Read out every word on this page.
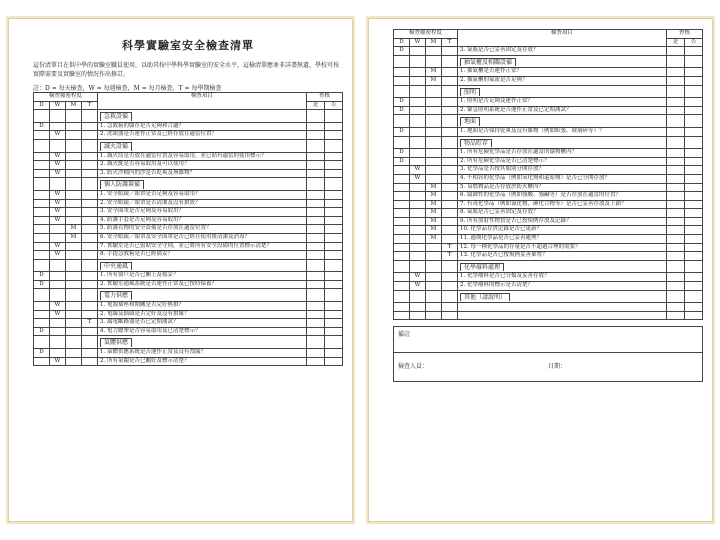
科學實驗室安全檢查清單
這份清單目在供中學的實驗室職員使用，以助其按中學科學實驗室的安全水平，這檢清單應並非詳盡無遺，學校可按實際需要及實驗室的情況作出修訂。
註：D = 每天檢查，W = 每週檢查，M = 每月檢查，T = 每學期檢查
檢查頻密程度				檢查項目	查核	
D	W	M	T		是	否
				急救設備		
D				1. 急救箱的儲存是否足夠和合適？		
	W			2. 洗眼器是否運作正常及已經存放在適當位置？		
				滅火設備		
	W			1. 滅火筒是否放在適當位置及容易取用，並已貼有適當的使用標示？		
	W			2. 滅火氈是否容易取用及可以使用？		
	W			3. 防火沙桶內的沙是否乾爽及無雜物？		
				個人防護裝備		
	W			1. 安全眼鏡／眼罩是否足夠及容易取用？		
	W			2. 安全眼鏡／眼罩是否清潔及沒有損毀？		
	W			3. 安全面罩是否足夠及容易取用？		
	W			4. 防護手套是否足夠及容易取用？		
		M		5. 防護衣物的安全設備是否存放在適當位置？		
		M		6. 安全眼鏡／眼罩及安全面罩是否已經在使用後清潔及消毒？		
	W			7. 實驗室是否已張貼安全守則，並已將所有安全設備的位置標示清楚？		
	W			8. 手提急救箱是否已經備妥？		
				中央通風		
D				1. 所有窗戶是否已關上及穩妥？		
D				2. 實驗室通風系統是否運作正常及已按時保養？		
				電力供應		
	W			1. 電源插座和開關是否完好無損？		
	W			2. 電線及插頭是否完好及沒有損壞？		
			T	3. 漏電斷路器是否已定期測試？		
D				4. 電力總掣是否容易取用及已清楚標示？		
				氣體供應		
D				1. 氣體供應系統是否運作正常及沒有洩漏？		
	W			2. 所有氣閥是否已關好及標示清楚？		
檢查頻密程度				檢查項目	查核	
D	W	M	T		是	否
D				3. 氣瓶是否已妥善固定及存放？		
				抽氣櫃及相關設備		
		M		1. 抽氣櫃是否運作正常？		
		M		2. 抽氣櫃的氣流是否足夠？		
				照明		
D				1. 照明是否足夠及運作正常？		
D				2. 緊急照明系統是否運作正常及已定期測試？		
				地面		
D				1. 地面是否保持乾爽及沒有雜物（例如紙張、玻璃碎等）？		
				物品貯存		
D				1. 所有危險化學品是否存放在適當的儲物櫃內？		
D				2. 所有危險化學品是否已清楚標示？		
	W			3. 化學品是否按其類別分開存放？		
	W			4. 不相容的化學品（例如氧化劑和還原劑）是否已分開存放？		
		M		5. 易燃物品是否存放於防火櫃內？		
		M		6. 腐蝕性的化學品（例如強酸、強鹼等）是否存放在適當的位置？		
		M		7. 有毒化學品（例如氰化物、砷化合物等）是否已妥善存放及上鎖？		
		M		8. 氣瓶是否已妥善固定及存放？		
		M		9. 所有放射性物質是否已按規例存放及記錄？		
		M		10. 化學品存貨記錄是否已更新？		
		M		11. 過期化學品是否已妥善處理？		
			T	12. 每一種化學品的存量是否不超過合理的需要？		
			T	13. 化學品是否已按規例妥善棄置？		
				化學廢料處理		
	W			1. 化學廢料是否已分類及妥善存放？		
	W			2. 化學廢料的標示是否清楚？		
				其他（請說明）		

備註
檢查人員：	日期：
